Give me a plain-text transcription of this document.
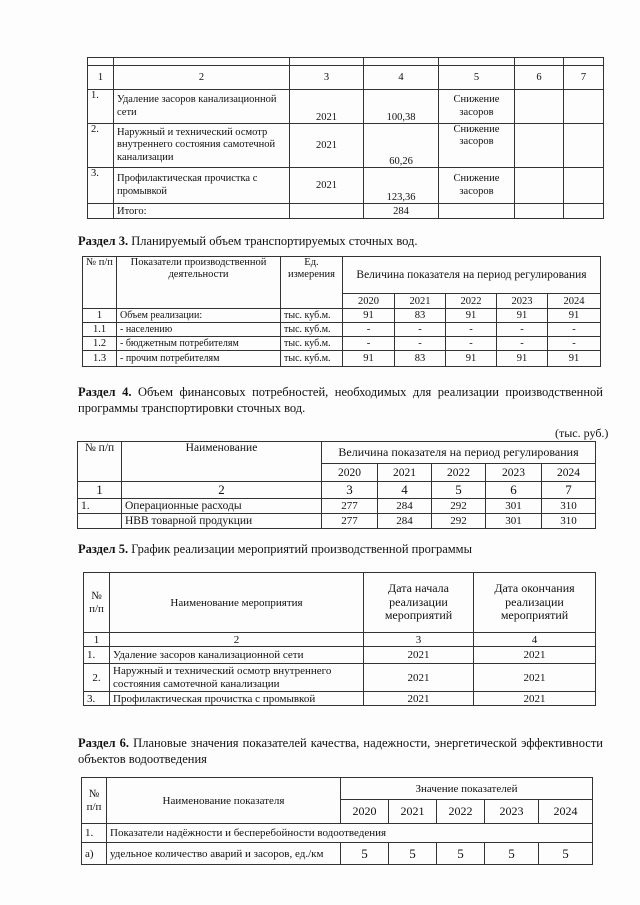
1	2	3	4	5	6	7
1.	Удаление засоров канализационной сети	2021	100,38	Снижение засоров		
2.	Наружный и технический осмотр внутреннего состояния самотечной канализации	2021	60,26	Снижение засоров		
3.	Профилактическая прочистка с промывкой	2021	123,36	Снижение засоров		
	Итого:		284			
Раздел 3. Планируемый объем транспортируемых сточных вод.
№ п/п	Показатели производственной деятельности	Ед. измерения	Величина показателя на период регулирования				
			2020	2021	2022	2023	2024
1	Объем реализации:	тыс. куб.м.	91	83	91	91	91
1.1	- населению	тыс. куб.м.	-	-	-	-	-
1.2	- бюджетным потребителям	тыс. куб.м.	-	-	-	-	-
1.3	- прочим потребителям	тыс. куб.м.	91	83	91	91	91
Раздел 4. Объем финансовых потребностей, необходимых для реализации производственной программы транспортировки сточных вод.
(тыс. руб.)
№ п/п	Наименование	Величина показателя на период регулирования				
		2020	2021	2022	2023	2024
1	2	3	4	5	6	7
1.	Операционные расходы	277	284	292	301	310
	НВВ товарной продукции	277	284	292	301	310
Раздел 5. График реализации мероприятий производственной программы
№ п/п	Наименование мероприятия	Дата начала реализации мероприятий	Дата окончания реализации мероприятий
1	2	3	4
1.	Удаление засоров канализационной сети	2021	2021
2.	Наружный и технический осмотр внутреннего состояния самотечной канализации	2021	2021
3.	Профилактическая прочистка с промывкой	2021	2021
Раздел 6. Плановые значения показателей качества, надежности, энергетической эффективности объектов водоотведения
№ п/п	Наименование показателя	Значение показателей				
		2020	2021	2022	2023	2024
1.	Показатели надёжности и бесперебойности водоотведения					
а)	удельное количество аварий и засоров, ед./км	5	5	5	5	5
